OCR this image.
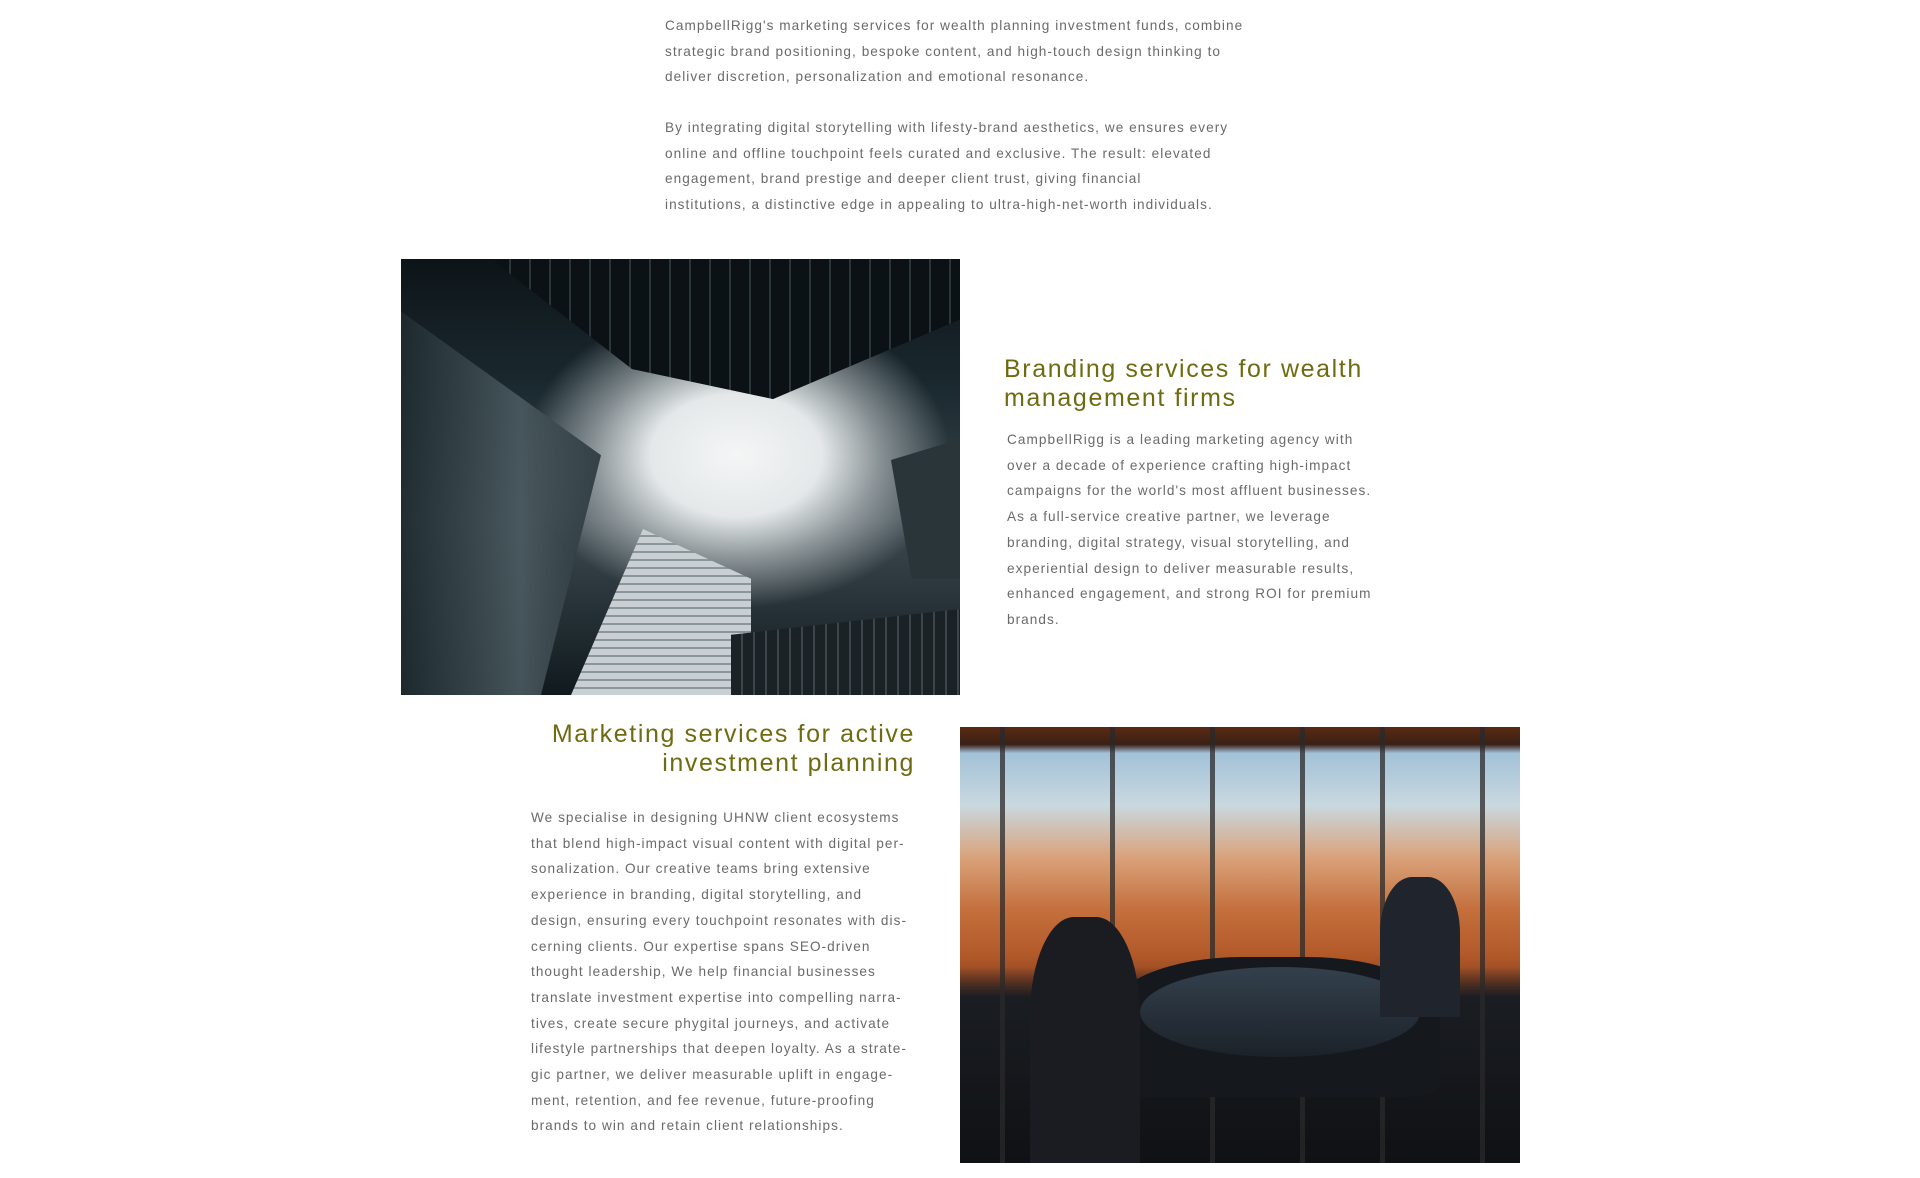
CampbellRigg's marketing services for wealth planning investment funds, combine
strategic brand positioning, bespoke content, and high-touch design thinking to
deliver discretion, personalization and emotional resonance.
By integrating digital storytelling with lifesty-brand aesthetics, we ensures every
online and offline touchpoint feels curated and exclusive. The result: elevated
engagement, brand prestige and deeper client trust, giving financial
institutions, a distinctive edge in appealing to ultra-high-net-worth individuals.
Branding services for wealth
management firms
CampbellRigg is a leading marketing agency with
over a decade of experience crafting high-impact
campaigns for the world's most affluent businesses.
As a full-service creative partner, we leverage
branding, digital strategy, visual storytelling, and
experiential design to deliver measurable results,
enhanced engagement, and strong ROI for premium
brands.
Marketing services for active
investment planning
We specialise in designing UHNW client ecosystems
that blend high-impact visual content with digital per-
sonalization. Our creative teams bring extensive
experience in branding, digital storytelling, and
design, ensuring every touchpoint resonates with dis-
cerning clients. Our expertise spans SEO-driven
thought leadership, We help financial businesses
translate investment expertise into compelling narra-
tives, create secure phygital journeys, and activate
lifestyle partnerships that deepen loyalty. As a strate-
gic partner, we deliver measurable uplift in engage-
ment, retention, and fee revenue, future-proofing
brands to win and retain client relationships.
